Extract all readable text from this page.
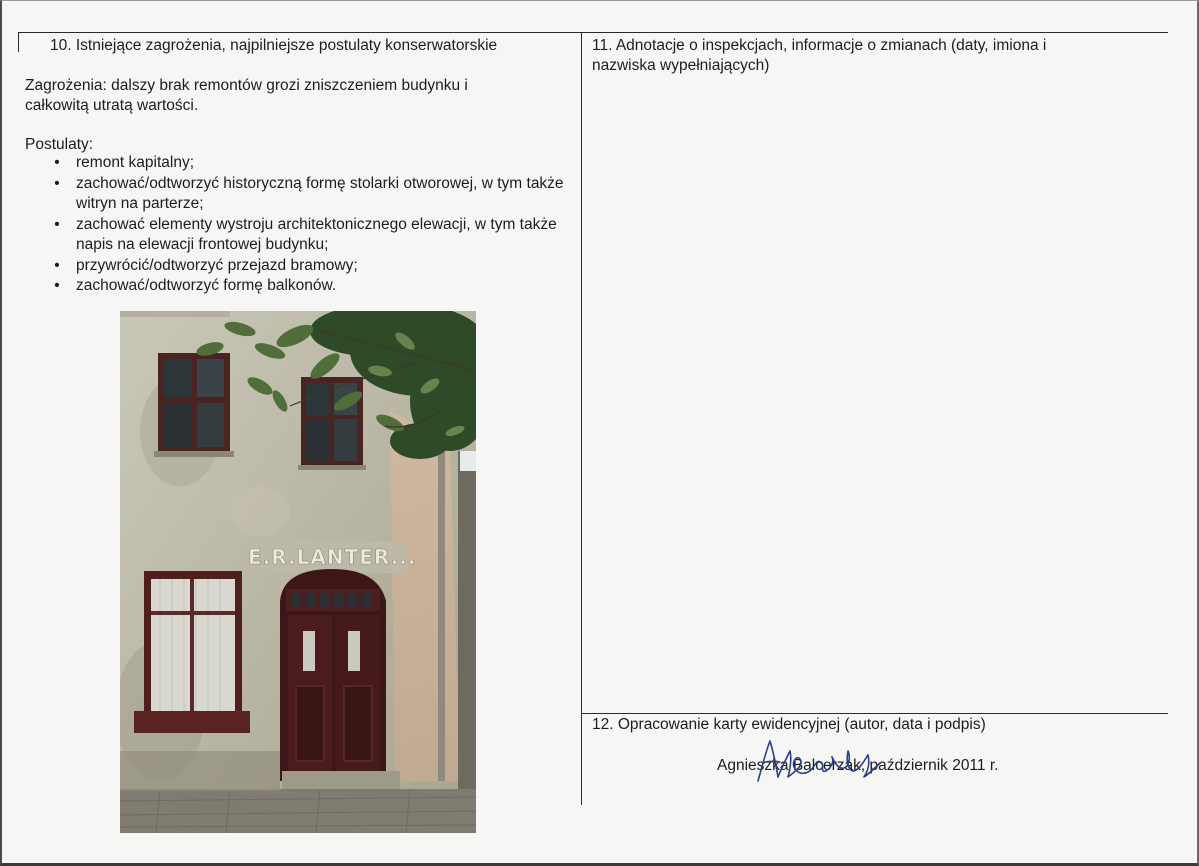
10. Istniejące zagrożenia, najpilniejsze postulaty konserwatorskie

Zagrożenia: dalszy brak remontów grozi zniszczeniem budynku i

całkowitą utratą wartości.

Postulaty:

• remont kapitalny;
• zachować/odtworzyć historyczną formę stolarki otworowej, w tym także witryn na parterze;
• zachować elementy wystroju architektonicznego elewacji, w tym także napis na elewacji frontowej budynku;
• przywrócić/odtworzyć przejazd bramowy;
• zachować/odtworzyć formę balkonów.
E.R.LANTER...

11. Adnotacje o inspekcjach, informacje o zmianach (daty, imiona i

nazwiska wypełniających)

12. Opracowanie karty ewidencyjnej (autor, data i podpis)

Agnieszka Balcerzak, październik 2011 r.
